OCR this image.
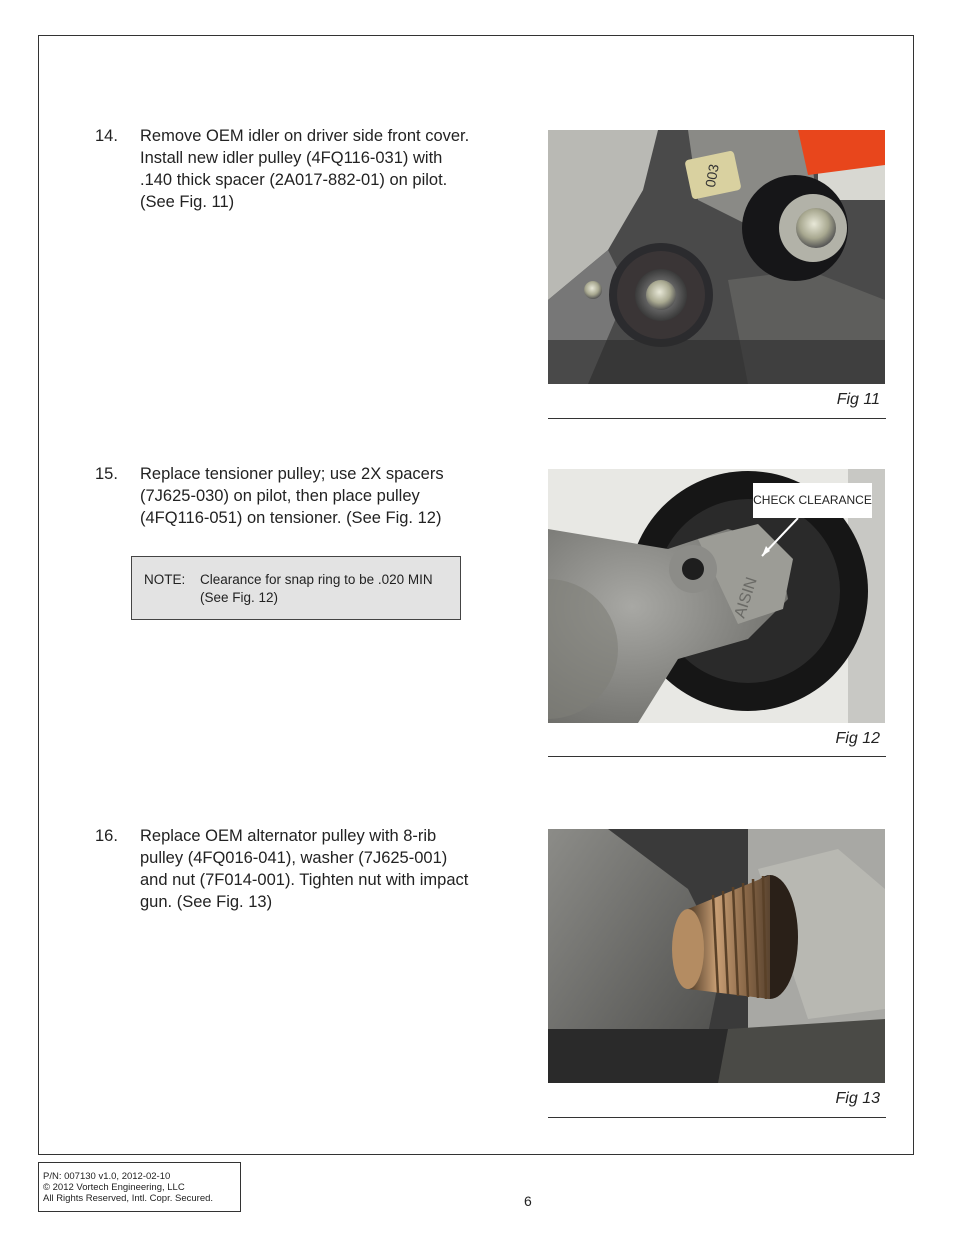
14. Remove OEM idler on driver side front cover. Install new idler pulley (4FQ116-031) with .140 thick spacer (2A017-882-01) on pilot. (See Fig. 11)
003
Fig 11
15. Replace tensioner pulley; use 2X spacers (7J625-030) on pilot, then place pulley (4FQ116-051) on tensioner. (See Fig. 12)
NOTE: Clearance for snap ring to be .020 MIN (See Fig. 12)	AISIN
CHECK CLEARANCE
Fig 12
16. Replace OEM alternator pulley with 8-rib pulley (4FQ016-041), washer (7J625-001) and nut (7F014-001). Tighten nut with impact gun. (See Fig. 13)
Fig 13
P/N: 007130 v1.0, 2012-02-10
© 2012 Vortech Engineering, LLC
All Rights Reserved, Intl. Copr. Secured.	6
